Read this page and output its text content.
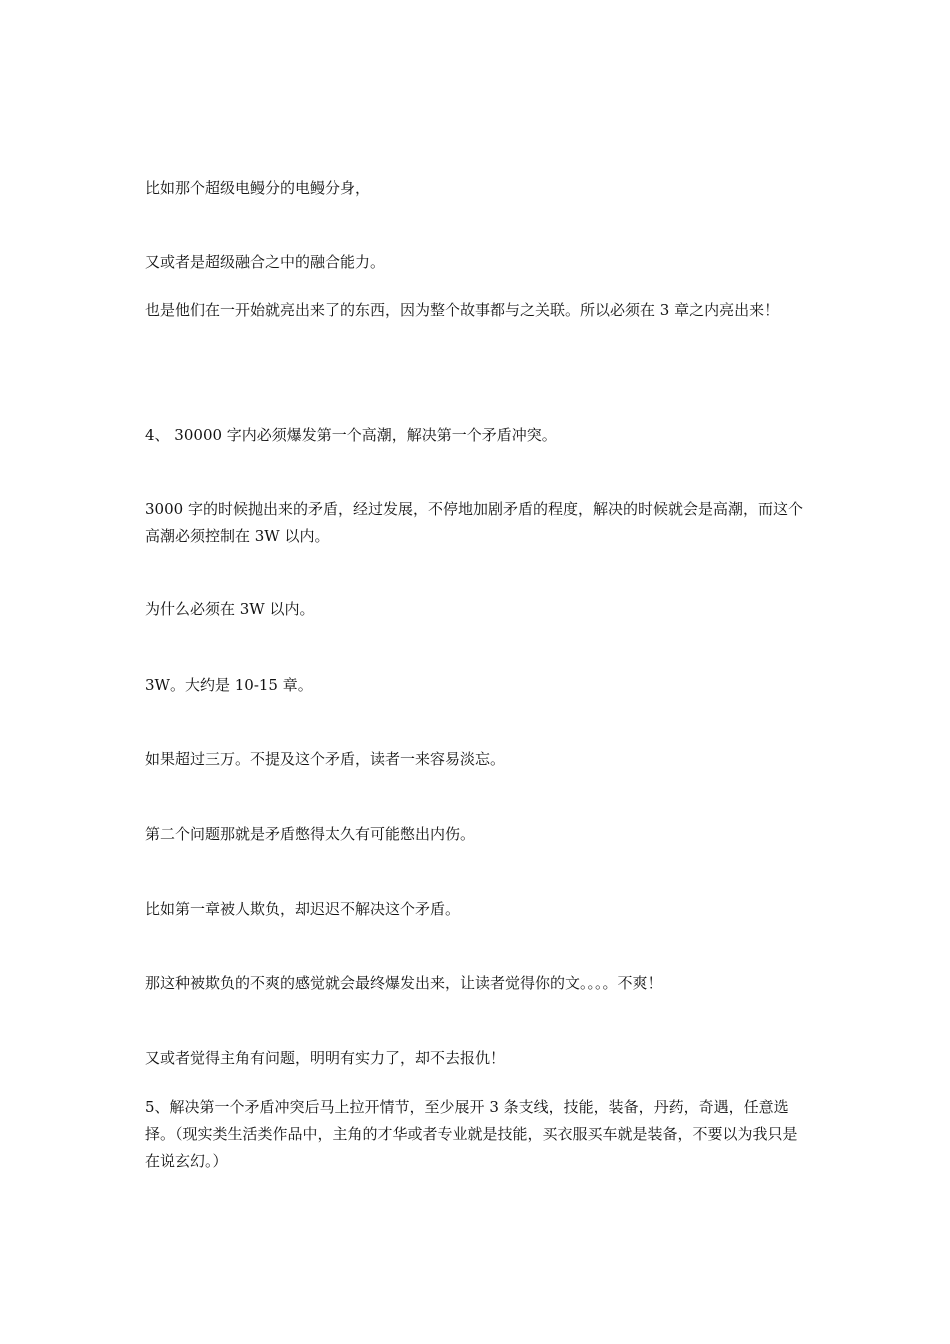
比如那个超级电鳗分的电鳗分身，

又或者是超级融合之中的融合能力。

也是他们在一开始就亮出来了的东西，因为整个故事都与之关联。所以必须在 3 章之内亮出来！

4、 30000 字内必须爆发第一个高潮，解决第一个矛盾冲突。

3000 字的时候抛出来的矛盾，经过发展，不停地加剧矛盾的程度，解决的时候就会是高潮，而这个高潮必须控制在 3W 以内。

为什么必须在 3W 以内。

3W。大约是 10-15 章。

如果超过三万。不提及这个矛盾，读者一来容易淡忘。

第二个问题那就是矛盾憋得太久有可能憋出内伤。

比如第一章被人欺负，却迟迟不解决这个矛盾。

那这种被欺负的不爽的感觉就会最终爆发出来，让读者觉得你的文。。。。不爽！

又或者觉得主角有问题，明明有实力了，却不去报仇！

5、解决第一个矛盾冲突后马上拉开情节，至少展开 3 条支线，技能，装备，丹药，奇遇，任意选择。（现实类生活类作品中，主角的才华或者专业就是技能，买衣服买车就是装备，不要以为我只是在说玄幻。）
